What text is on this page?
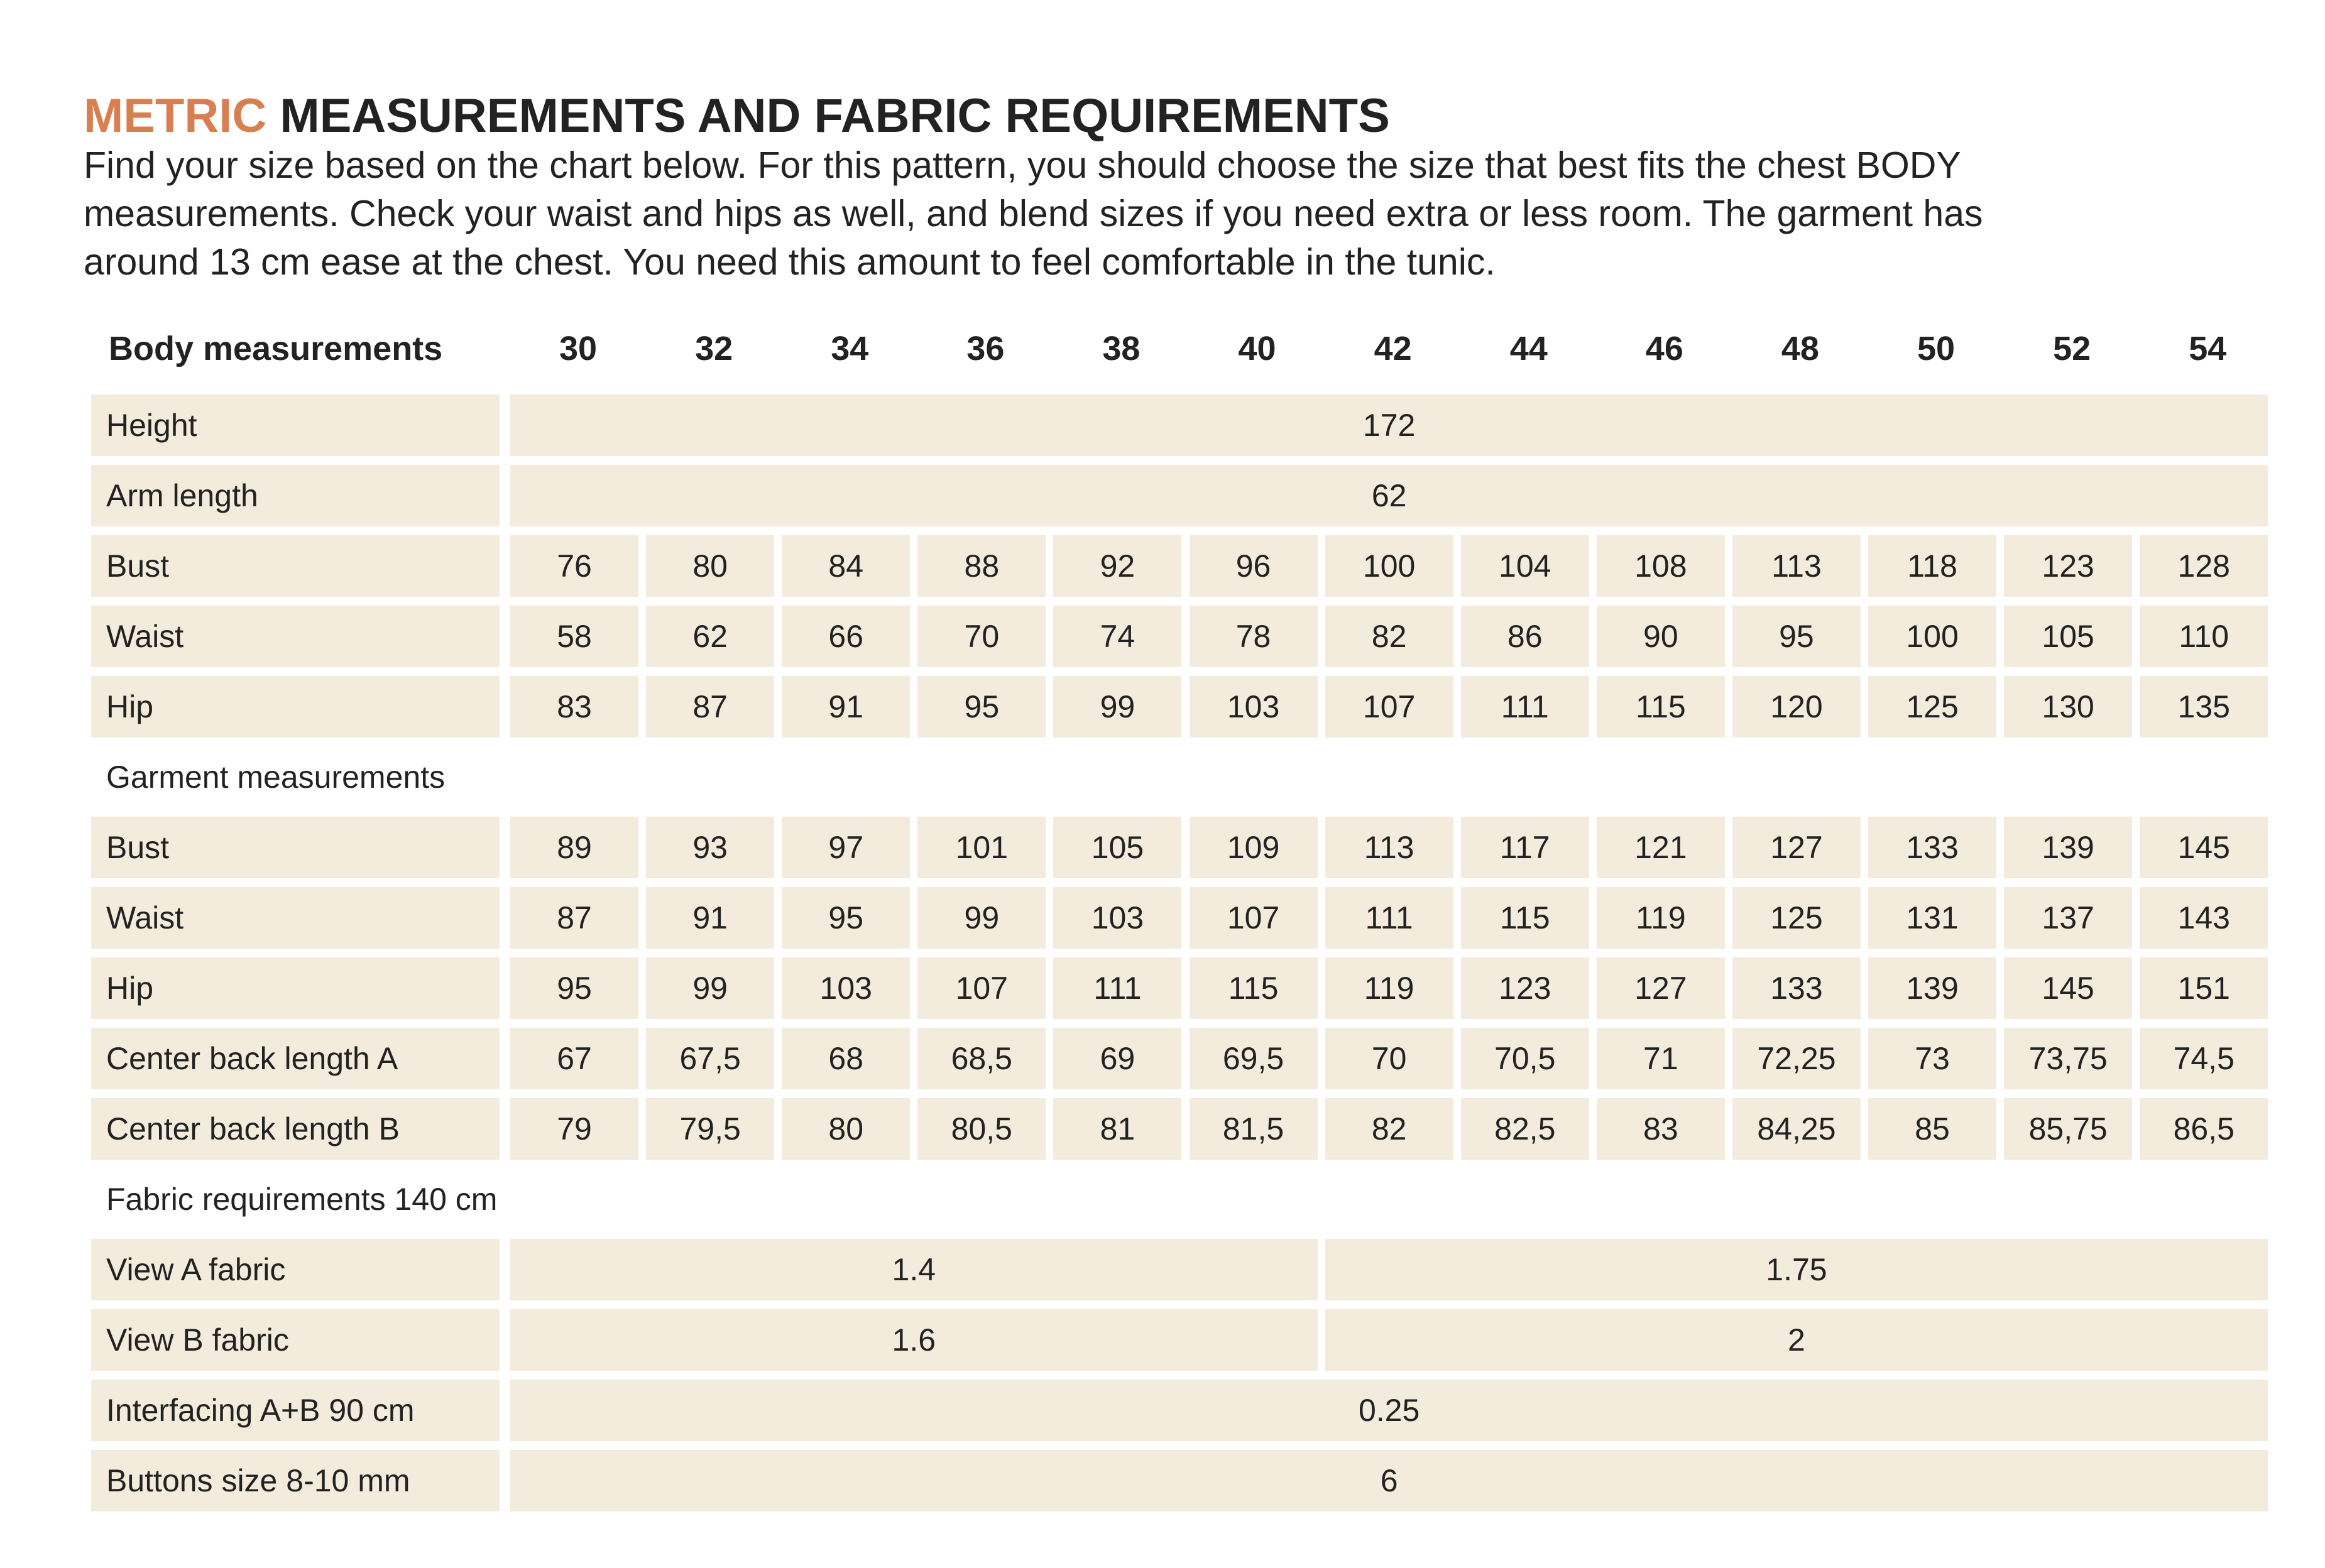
METRIC MEASUREMENTS AND FABRIC REQUIREMENTS

Find your size based on the chart below. For this pattern, you should choose the size that best fits the chest BODY

measurements. Check your waist and hips as well, and blend sizes if you need extra or less room. The garment has

around 13 cm ease at the chest. You need this amount to feel comfortable in the tunic.

Body measurements	30	32	34	36	38	40	42	44	46	48	50	52	54
Height	172
Arm length	62
Bust	76	80	84	88	92	96	100	104	108	113	118	123	128
Waist	58	62	66	70	74	78	82	86	90	95	100	105	110
Hip	83	87	91	95	99	103	107	111	115	120	125	130	135
Garment measurements
Bust	89	93	97	101	105	109	113	117	121	127	133	139	145
Waist	87	91	95	99	103	107	111	115	119	125	131	137	143
Hip	95	99	103	107	111	115	119	123	127	133	139	145	151
Center back length A	67	67,5	68	68,5	69	69,5	70	70,5	71	72,25	73	73,75	74,5
Center back length B	79	79,5	80	80,5	81	81,5	82	82,5	83	84,25	85	85,75	86,5
Fabric requirements 140 cm
View A fabric	1.4	1.75
View B fabric	1.6	2
Interfacing A+B 90 cm	0.25
Buttons size 8-10 mm	6
